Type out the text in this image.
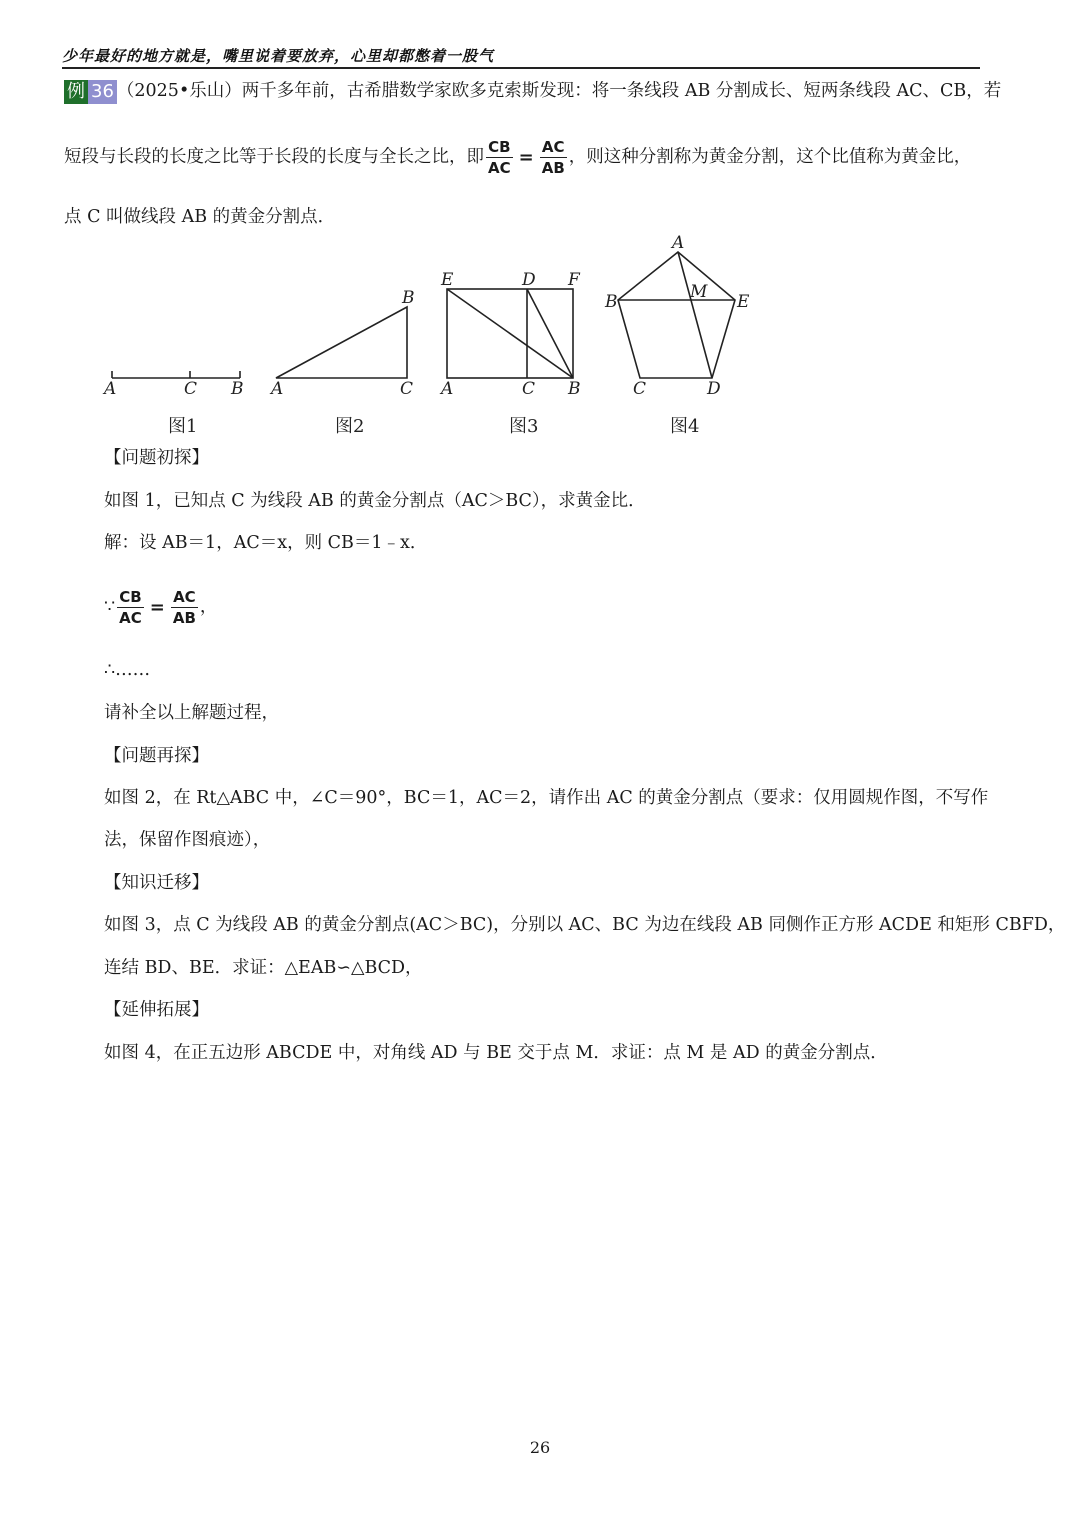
少年最好的地方就是，嘴里说着要放弃，心里却都憋着一股气
例 36 （2025•乐山）两千多年前，古希腊数学家欧多克索斯发现：将一条线段 AB 分割成长、短两条线段 AC、CB，若
短段与长段的长度之比等于长段的长度与全长之比，即 $\frac{CB}{AC} = \frac{AC}{AB}$ ，则这种分割称为黄金分割，这个比值称为黄金比，
点 C 叫做线段 AB 的黄金分割点．
A	C B
图1
A
B
C
图2
E	D F
A	C B
图3
A
B	M E
C	D
图4
【问题初探】
如图 1，已知点 C 为线段 AB 的黄金分割点（AC＞BC），求黄金比．
解：设 AB＝1，AC＝x，则 CB＝1﹣x．
∵ $\frac{CB}{AC} = \frac{AC}{AB}$ ，
∴……
请补全以上解题过程，
【问题再探】
如图 2，在 Rt△ABC 中，∠C＝90°，BC＝1，AC＝2，请作出 AC 的黄金分割点（要求：仅用圆规作图，不写作
法，保留作图痕迹），
【知识迁移】
如图 3，点 C 为线段 AB 的黄金分割点(AC＞BC)，分别以 AC、BC 为边在线段 AB 同侧作正方形 ACDE 和矩形 CBFD，
连结 BD、BE．求证：△EAB∽△BCD，
【延伸拓展】
如图 4，在正五边形 ABCDE 中，对角线 AD 与 BE 交于点 M．求证：点 M 是 AD 的黄金分割点．
26
